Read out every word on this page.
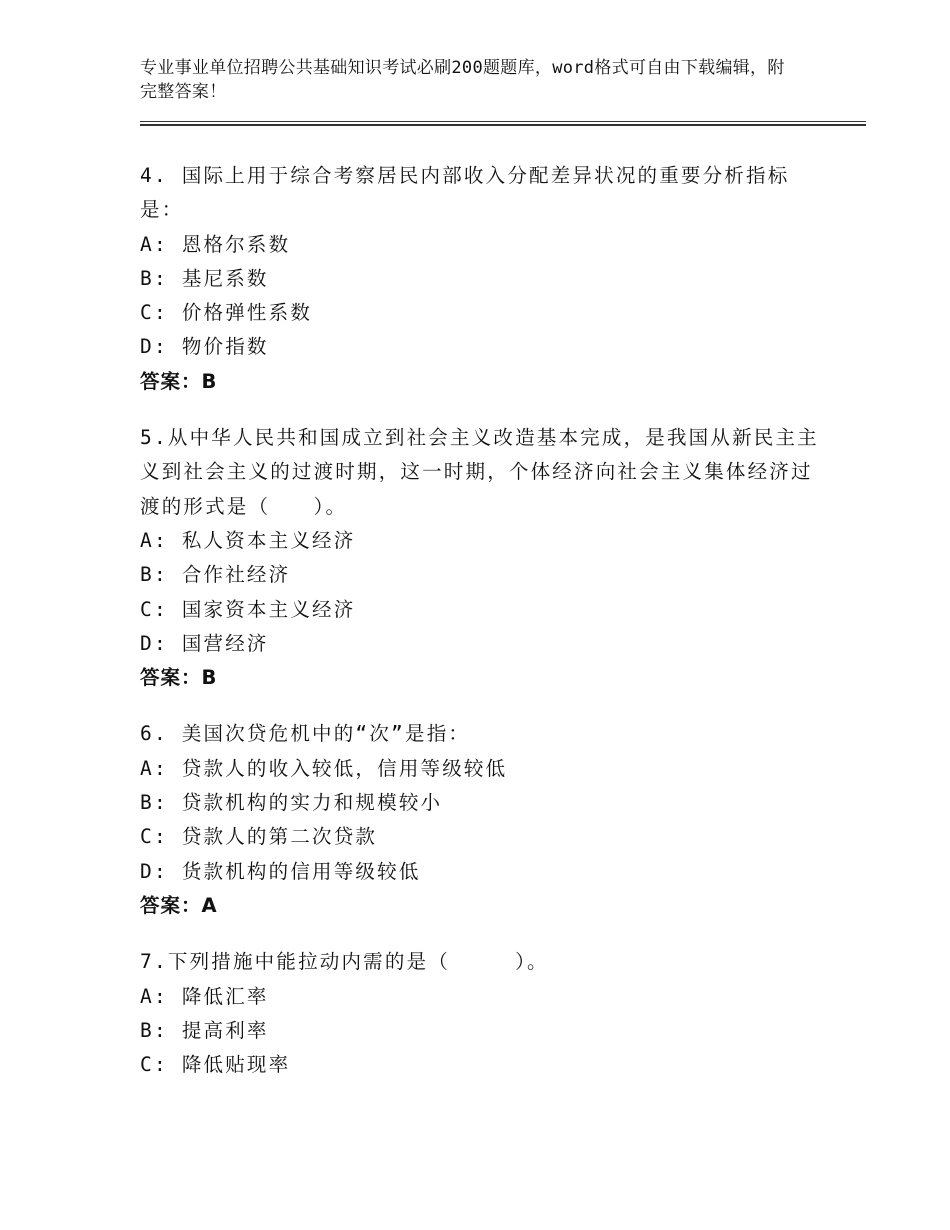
专业事业单位招聘公共基础知识考试必刷200题题库，word格式可自由下载编辑，附完整答案！
4. 国际上用于综合考察居民内部收入分配差异状况的重要分析指标是：
A: 恩格尔系数
B: 基尼系数
C: 价格弹性系数
D: 物价指数
答案：B
5.从中华人民共和国成立到社会主义改造基本完成，是我国从新民主主义到社会主义的过渡时期，这一时期，个体经济向社会主义集体经济过渡的形式是（　　）。
A: 私人资本主义经济
B: 合作社经济
C: 国家资本主义经济
D: 国营经济
答案：B
6. 美国次贷危机中的“次”是指：
A: 贷款人的收入较低，信用等级较低
B: 贷款机构的实力和规模较小
C: 贷款人的第二次贷款
D: 货款机构的信用等级较低
答案：A
7.下列措施中能拉动内需的是（　　　）。
A: 降低汇率
B: 提高利率
C: 降低贴现率
